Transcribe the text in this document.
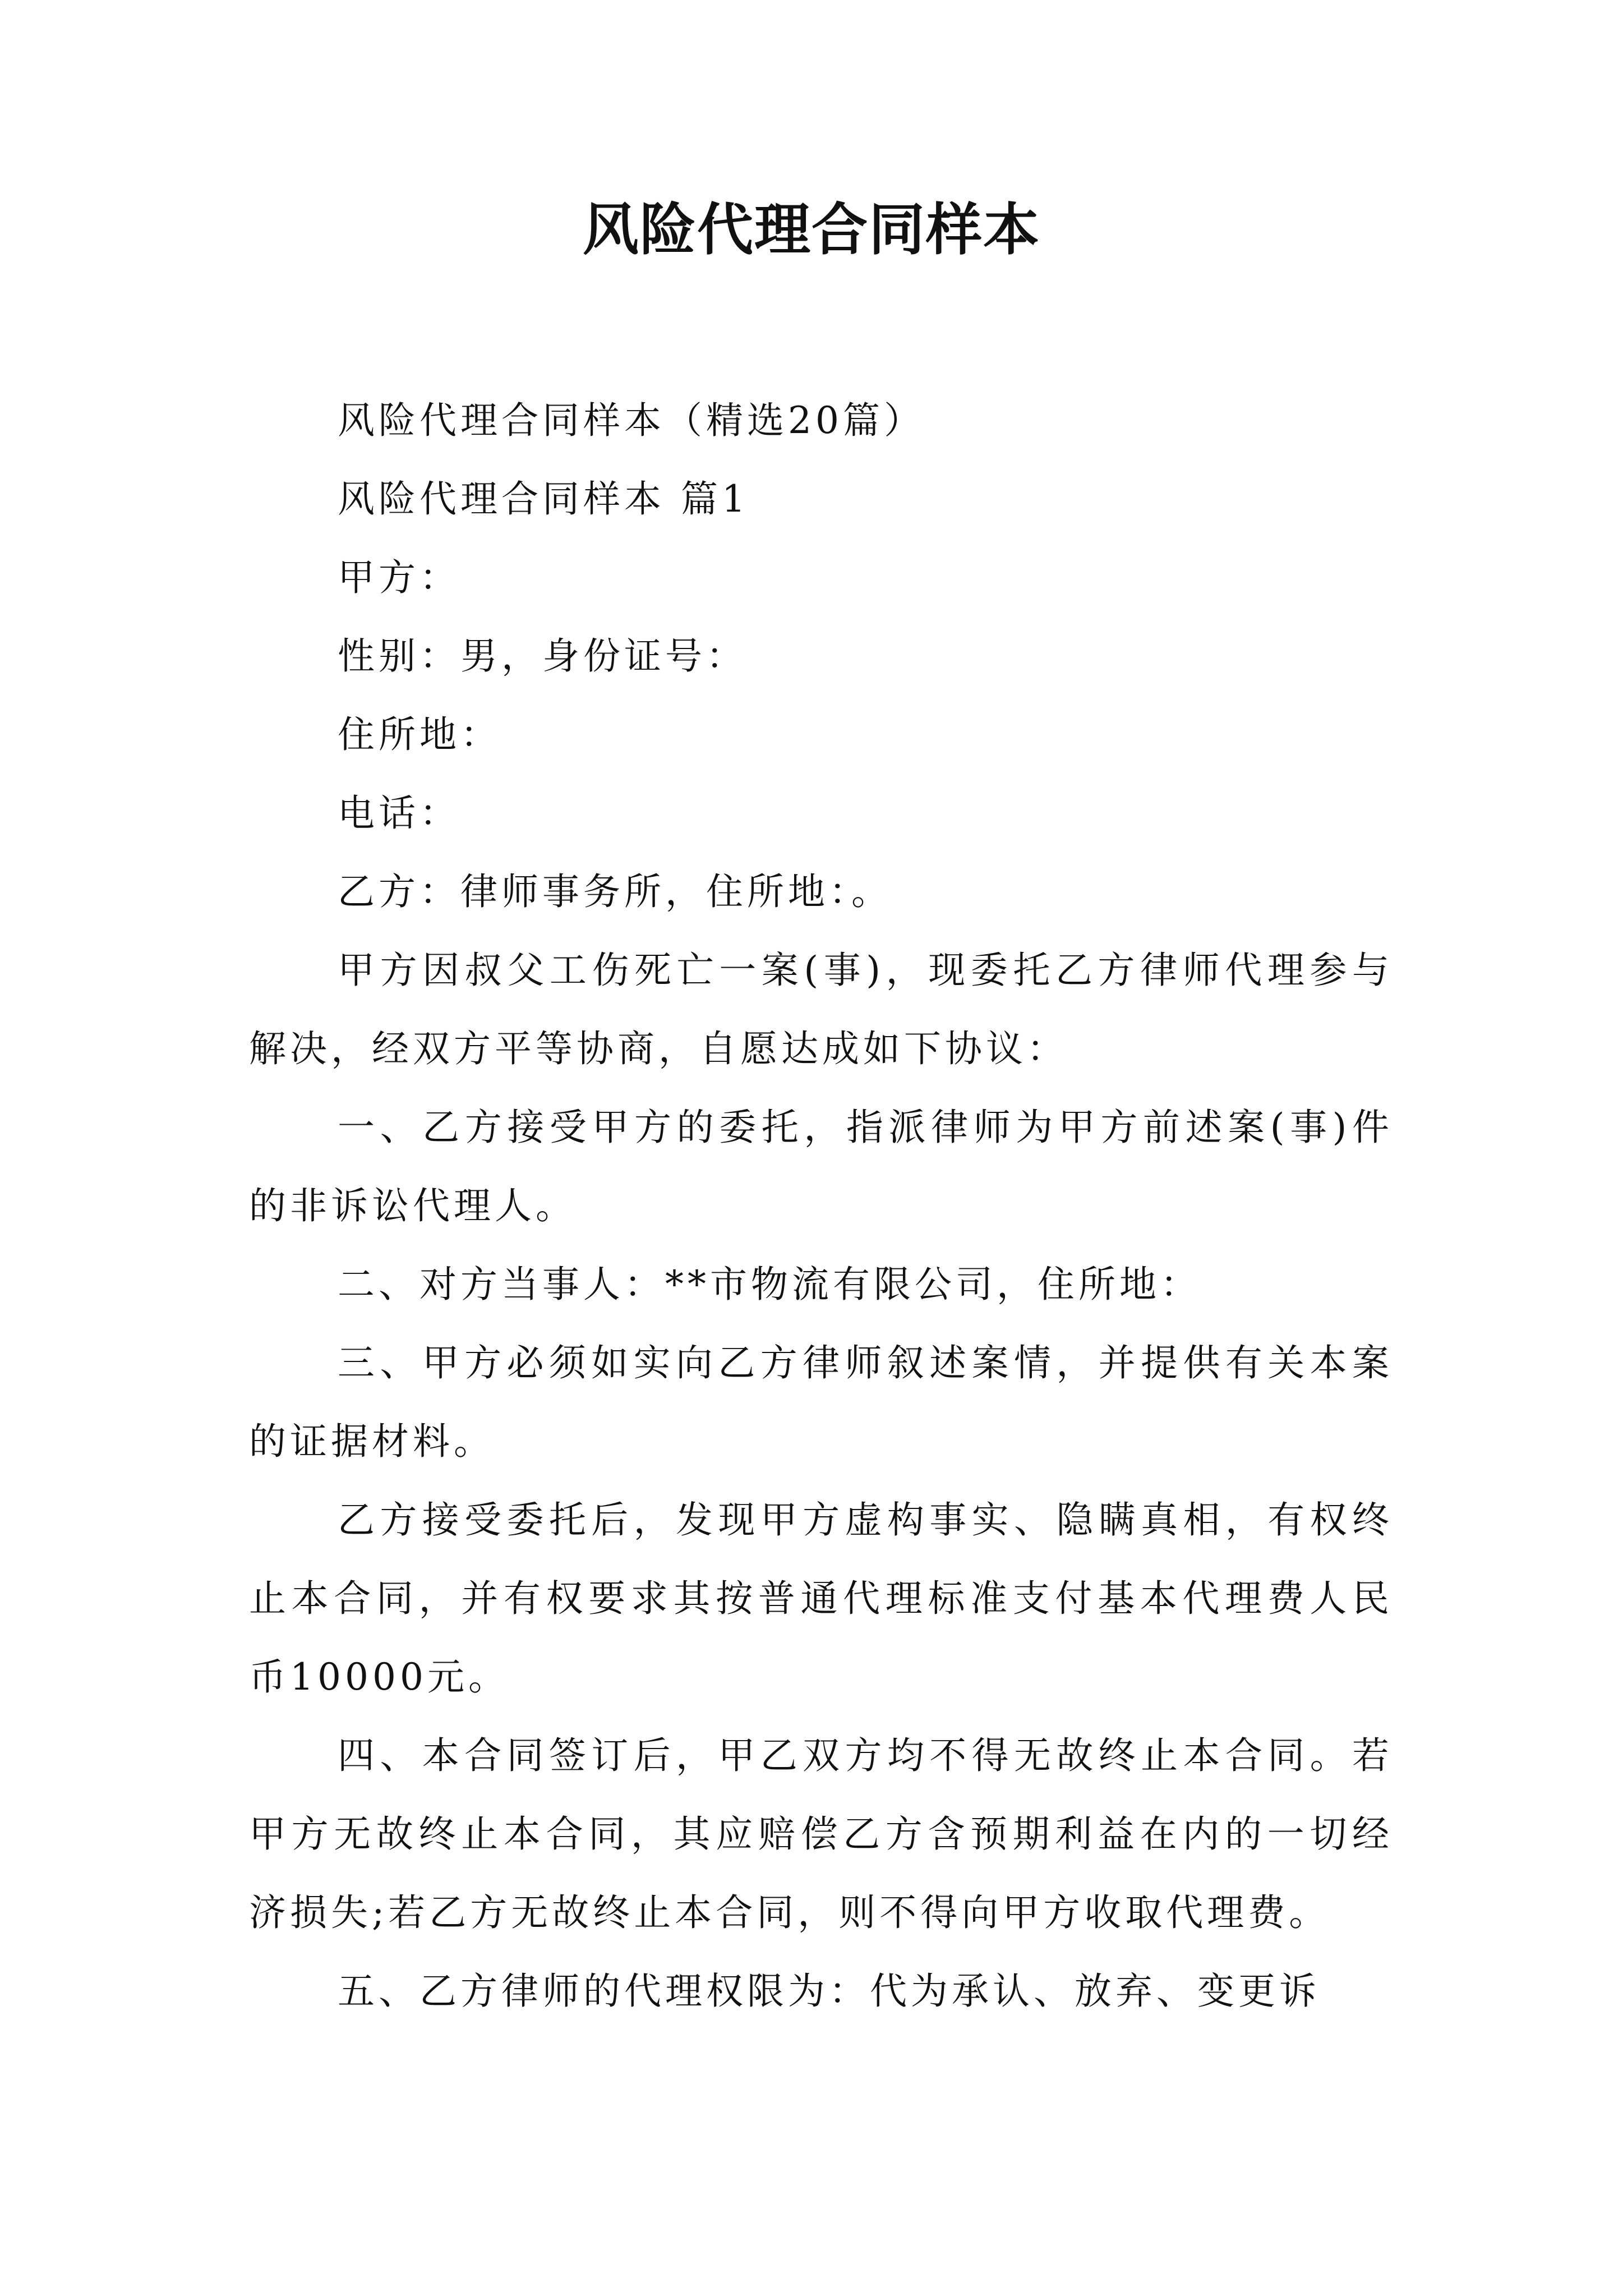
风险代理合同样本

风险代理合同样本（精选20篇）

风险代理合同样本 篇1

甲方：

性别：男，身份证号：

住所地：

电话：

乙方：律师事务所，住所地：。

甲方因叔父工伤死亡一案(事)，现委托乙方律师代理参与解决，经双方平等协商，自愿达成如下协议：

一、乙方接受甲方的委托，指派律师为甲方前述案(事)件的非诉讼代理人。

二、对方当事人：**市物流有限公司，住所地：

三、甲方必须如实向乙方律师叙述案情，并提供有关本案的证据材料。

乙方接受委托后，发现甲方虚构事实、隐瞒真相，有权终止本合同，并有权要求其按普通代理标准支付基本代理费人民币10000元。

四、本合同签订后，甲乙双方均不得无故终止本合同。若甲方无故终止本合同，其应赔偿乙方含预期利益在内的一切经济损失;若乙方无故终止本合同，则不得向甲方收取代理费。

五、乙方律师的代理权限为：代为承认、放弃、变更诉
